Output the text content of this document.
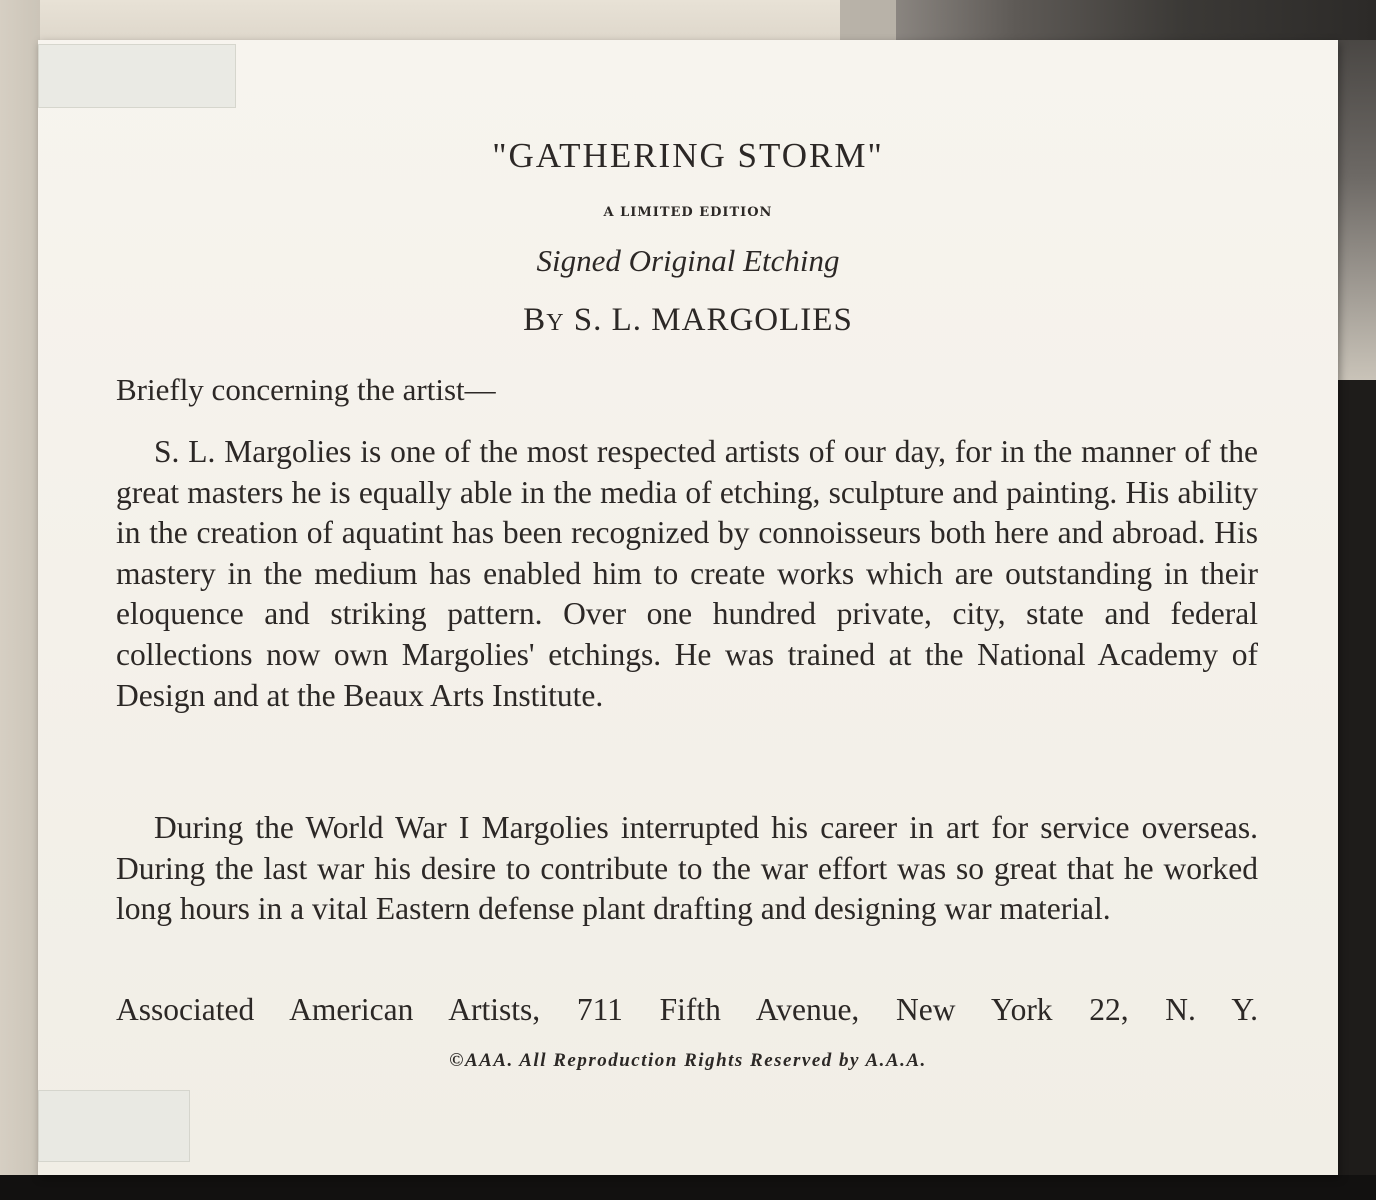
"GATHERING STORM"
A LIMITED EDITION
Signed Original Etching
BY S. L. MARGOLIES
Briefly concerning the artist—
S. L. Margolies is one of the most respected artists of our day, for in the manner of the great masters he is equally able in the media of etching, sculpture and painting. His ability in the creation of aquatint has been recognized by connoisseurs both here and abroad. His mastery in the medium has enabled him to create works which are outstanding in their eloquence and striking pattern. Over one hundred private, city, state and federal collections now own Margolies' etchings. He was trained at the National Academy of Design and at the Beaux Arts Institute.
During the World War I Margolies interrupted his career in art for service overseas. During the last war his desire to contribute to the war effort was so great that he worked long hours in a vital Eastern defense plant drafting and designing war material.
Associated American Artists, 711 Fifth Avenue, New York 22, N. Y.
©AAA. All Reproduction Rights Reserved by A.A.A.
